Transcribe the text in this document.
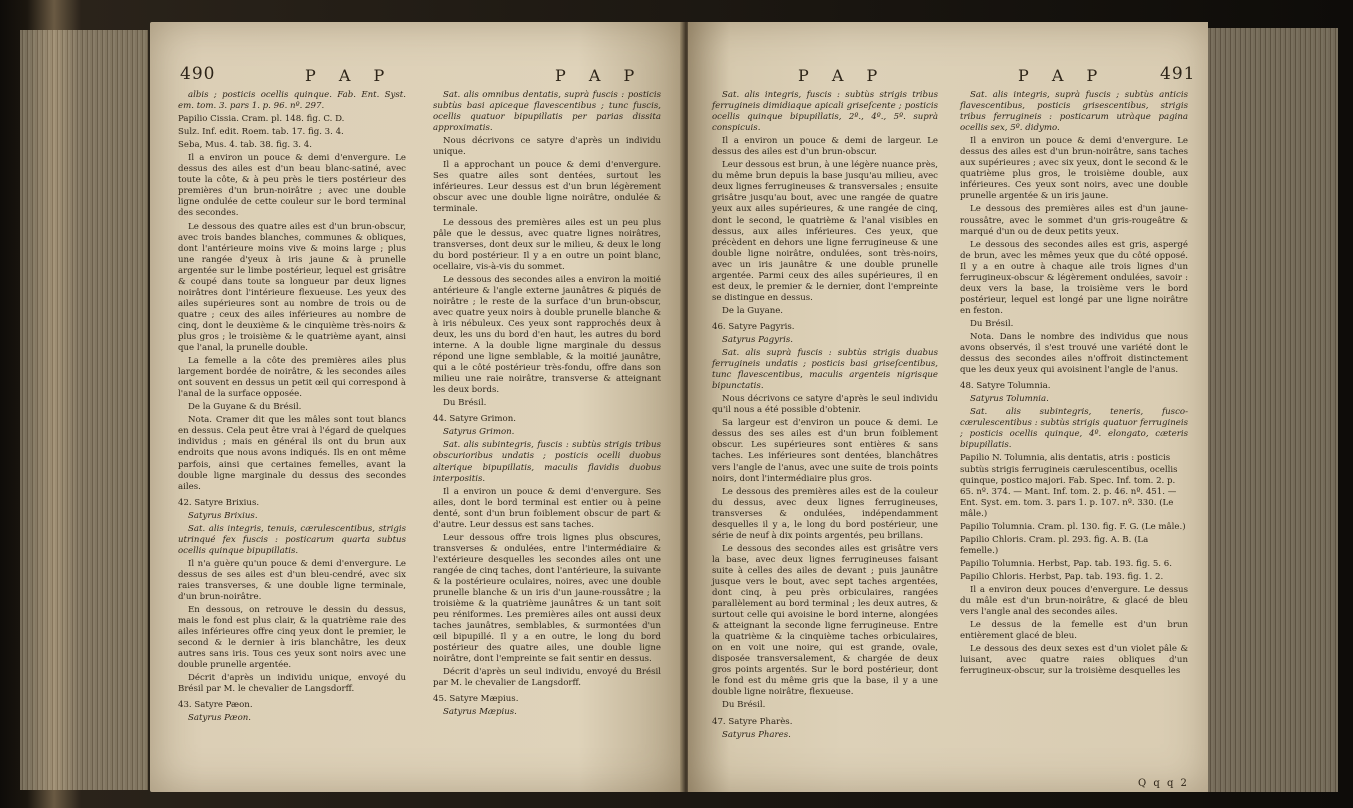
490	P A P	P A P

albis ; posticis ocellis quinque. Fab. Ent. Syst. em. tom. 3. pars 1. p. 96. nº. 297.

Papilio Cissia. Cram. pl. 148. fig. C. D.

Sulz. Inf. edit. Roem. tab. 17. fig. 3. 4.

Seba, Mus. 4. tab. 38. fig. 3. 4.

Il a environ un pouce & demi d'envergure. Le dessus des ailes est d'un beau blanc-satiné, avec toute la côte, & à peu près le tiers postérieur des premières d'un brun-noirâtre ; avec une double ligne ondulée de cette couleur sur le bord terminal des secondes.

Le dessous des quatre ailes est d'un brun-obscur, avec trois bandes blanches, communes & obliques, dont l'antérieure moins vive & moins large ; plus une rangée d'yeux à iris jaune & à prunelle argentée sur le limbe postérieur, lequel est grisâtre & coupé dans toute sa longueur par deux lignes noirâtres dont l'intérieure flexueuse. Les yeux des ailes supérieures sont au nombre de trois ou de quatre ; ceux des ailes inférieures au nombre de cinq, dont le deuxième & le cinquième très-noirs & plus gros ; le troisième & le quatrième ayant, ainsi que l'anal, la prunelle double.

La femelle a la côte des premières ailes plus largement bordée de noirâtre, & les secondes ailes ont souvent en dessus un petit œil qui correspond à l'anal de la surface opposée.

De la Guyane & du Brésil.

Nota. Cramer dit que les mâles sont tout blancs en dessus. Cela peut être vrai à l'égard de quelques individus ; mais en général ils ont du brun aux endroits que nous avons indiqués. Ils en ont même parfois, ainsi que certaines femelles, avant la double ligne marginale du dessus des secondes ailes.

42. Satyre Brixius.

Satyrus Brixius.

Sat. alis integris, tenuis, cærulescentibus, strigis utrinqué fex fuscis : posticarum quarta subtus ocellis quinque bipupillatis.

Il n'a guère qu'un pouce & demi d'envergure. Le dessus de ses ailes est d'un bleu-cendré, avec six raies transverses, & une double ligne terminale, d'un brun-noirâtre.

En dessous, on retrouve le dessin du dessus, mais le fond est plus clair, & la quatrième raie des ailes inférieures offre cinq yeux dont le premier, le second & le dernier à iris blanchâtre, les deux autres sans iris. Tous ces yeux sont noirs avec une double prunelle argentée.

Décrit d'après un individu unique, envoyé du Brésil par M. le chevalier de Langsdorff.

43. Satyre Pæon.

Satyrus Pæon.

Sat. alis omnibus dentatis, suprà fuscis : posticis subtùs basi apiceque flavescentibus ; tunc fuscis, ocellis quatuor bipupillatis per parias dissita approximatis.

Nous décrivons ce satyre d'après un individu unique.

Il a approchant un pouce & demi d'envergure. Ses quatre ailes sont dentées, surtout les inférieures. Leur dessus est d'un brun légèrement obscur avec une double ligne noirâtre, ondulée & terminale.

Le dessous des premières ailes est un peu plus pâle que le dessus, avec quatre lignes noirâtres, transverses, dont deux sur le milieu, & deux le long du bord postérieur. Il y a en outre un point blanc, ocellaire, vis-à-vis du sommet.

Le dessous des secondes ailes a environ la moitié antérieure & l'angle externe jaunâtres & piqués de noirâtre ; le reste de la surface d'un brun-obscur, avec quatre yeux noirs à double prunelle blanche & à iris nébuleux. Ces yeux sont rapprochés deux à deux, les uns du bord d'en haut, les autres du bord interne. A la double ligne marginale du dessus répond une ligne semblable, & la moitié jaunâtre, qui a le côté postérieur très-fondu, offre dans son milieu une raie noirâtre, transverse & atteignant les deux bords.

Du Brésil.

44. Satyre Grimon.

Satyrus Grimon.

Sat. alis subintegris, fuscis : subtùs strigis tribus obscurioribus undatis ; posticis ocelli duobus alterique bipupillatis, maculis flavidis duobus interpositis.

Il a environ un pouce & demi d'envergure. Ses ailes, dont le bord terminal est entier ou à peine denté, sont d'un brun foiblement obscur de part & d'autre. Leur dessus est sans taches.

Leur dessous offre trois lignes plus obscures, transverses & ondulées, entre l'intermédiaire & l'extérieure desquelles les secondes ailes ont une rangée de cinq taches, dont l'antérieure, la suivante & la postérieure oculaires, noires, avec une double prunelle blanche & un iris d'un jaune-roussâtre ; la troisième & la quatrième jaunâtres & un tant soit peu réniformes. Les premières ailes ont aussi deux taches jaunâtres, semblables, & surmontées d'un œil bipupillé. Il y a en outre, le long du bord postérieur des quatre ailes, une double ligne noirâtre, dont l'empreinte se fait sentir en dessus.

Décrit d'après un seul individu, envoyé du Brésil par M. le chevalier de Langsdorff.

45. Satyre Mæpius.

Satyrus Mæpius.

P A P	P A P	491

Sat. alis integris, fuscis : subtùs strigis tribus ferrugineis dimidiaque apicali griseſcente ; posticis ocellis quinque bipupillatis, 2º., 4º., 5º. suprà conspicuis.

Il a environ un pouce & demi de largeur. Le dessus des ailes est d'un brun-obscur.

Leur dessous est brun, à une légère nuance près, du même brun depuis la base jusqu'au milieu, avec deux lignes ferrugineuses & transversales ; ensuite grisâtre jusqu'au bout, avec une rangée de quatre yeux aux ailes supérieures, & une rangée de cinq, dont le second, le quatrième & l'anal visibles en dessus, aux ailes inférieures. Ces yeux, que précèdent en dehors une ligne ferrugineuse & une double ligne noirâtre, ondulées, sont très-noirs, avec un iris jaunâtre & une double prunelle argentée. Parmi ceux des ailes supérieures, il en est deux, le premier & le dernier, dont l'empreinte se distingue en dessus.

De la Guyane.

46. Satyre Pagyris.

Satyrus Pagyris.

Sat. alis suprà fuscis : subtùs strigis duabus ferrugineis undatis ; posticis basi griseſcentibus, tunc flavescentibus, maculis argenteis nigrisque bipunctatis.

Nous décrivons ce satyre d'après le seul individu qu'il nous a été possible d'obtenir.

Sa largeur est d'environ un pouce & demi. Le dessus des ses ailes est d'un brun foiblement obscur. Les supérieures sont entières & sans taches. Les inférieures sont dentées, blanchâtres vers l'angle de l'anus, avec une suite de trois points noirs, dont l'intermédiaire plus gros.

Le dessous des premières ailes est de la couleur du dessus, avec deux lignes ferrugineuses, transverses & ondulées, indépendamment desquelles il y a, le long du bord postérieur, une série de neuf à dix points argentés, peu brillans.

Le dessous des secondes ailes est grisâtre vers la base, avec deux lignes ferrugineuses faisant suite à celles des ailes de devant ; puis jaunâtre jusque vers le bout, avec sept taches argentées, dont cinq, à peu près orbiculaires, rangées parallèlement au bord terminal ; les deux autres, & surtout celle qui avoisine le bord interne, alongées & atteignant la seconde ligne ferrugineuse. Entre la quatrième & la cinquième taches orbiculaires, on en voit une noire, qui est grande, ovale, disposée transversalement, & chargée de deux gros points argentés. Sur le bord postérieur, dont le fond est du même gris que la base, il y a une double ligne noirâtre, flexueuse.

Du Brésil.

47. Satyre Pharès.

Satyrus Phares.

Sat. alis integris, suprà fuscis ; subtùs anticis flavescentibus, posticis grisescentibus, strigis tribus ferrugineis : posticarum utràque pagina ocellis sex, 5º. didymo.

Il a environ un pouce & demi d'envergure. Le dessus des ailes est d'un brun-noirâtre, sans taches aux supérieures ; avec six yeux, dont le second & le quatrième plus gros, le troisième double, aux inférieures. Ces yeux sont noirs, avec une double prunelle argentée & un iris jaune.

Le dessous des premières ailes est d'un jaune-roussâtre, avec le sommet d'un gris-rougeâtre & marqué d'un ou de deux petits yeux.

Le dessous des secondes ailes est gris, aspergé de brun, avec les mêmes yeux que du côté opposé. Il y a en outre à chaque aile trois lignes d'un ferrugineux-obscur & légèrement ondulées, savoir : deux vers la base, la troisième vers le bord postérieur, lequel est longé par une ligne noirâtre en feston.

Du Brésil.

Nota. Dans le nombre des individus que nous avons observés, il s'est trouvé une variété dont le dessus des secondes ailes n'offroit distinctement que les deux yeux qui avoisinent l'angle de l'anus.

48. Satyre Tolumnia.

Satyrus Tolumnia.

Sat. alis subintegris, teneris, fusco-cærulescentibus : subtùs strigis quatuor ferrugineis ; posticis ocellis quinque, 4º. elongato, cæteris bipupillatis.

Papilio N. Tolumnia, alis dentatis, atris : posticis subtùs strigis ferrugineis cærulescentibus, ocellis quinque, postico majori. Fab. Spec. Inf. tom. 2. p. 65. nº. 374. — Mant. Inf. tom. 2. p. 46. nº. 451. — Ent. Syst. em. tom. 3. pars 1. p. 107. nº. 330. (Le mâle.)

Papilio Tolumnia. Cram. pl. 130. fig. F. G. (Le mâle.)

Papilio Chloris. Cram. pl. 293. fig. A. B. (La femelle.)

Papilio Tolumnia. Herbst, Pap. tab. 193. fig. 5. 6.

Papilio Chloris. Herbst, Pap. tab. 193. fig. 1. 2.

Il a environ deux pouces d'envergure. Le dessus du mâle est d'un brun-noirâtre, & glacé de bleu vers l'angle anal des secondes ailes.

Le dessus de la femelle est d'un brun entièrement glacé de bleu.

Le dessous des deux sexes est d'un violet pâle & luisant, avec quatre raies obliques d'un ferrugineux-obscur, sur la troisième desquelles les

Q q q 2
